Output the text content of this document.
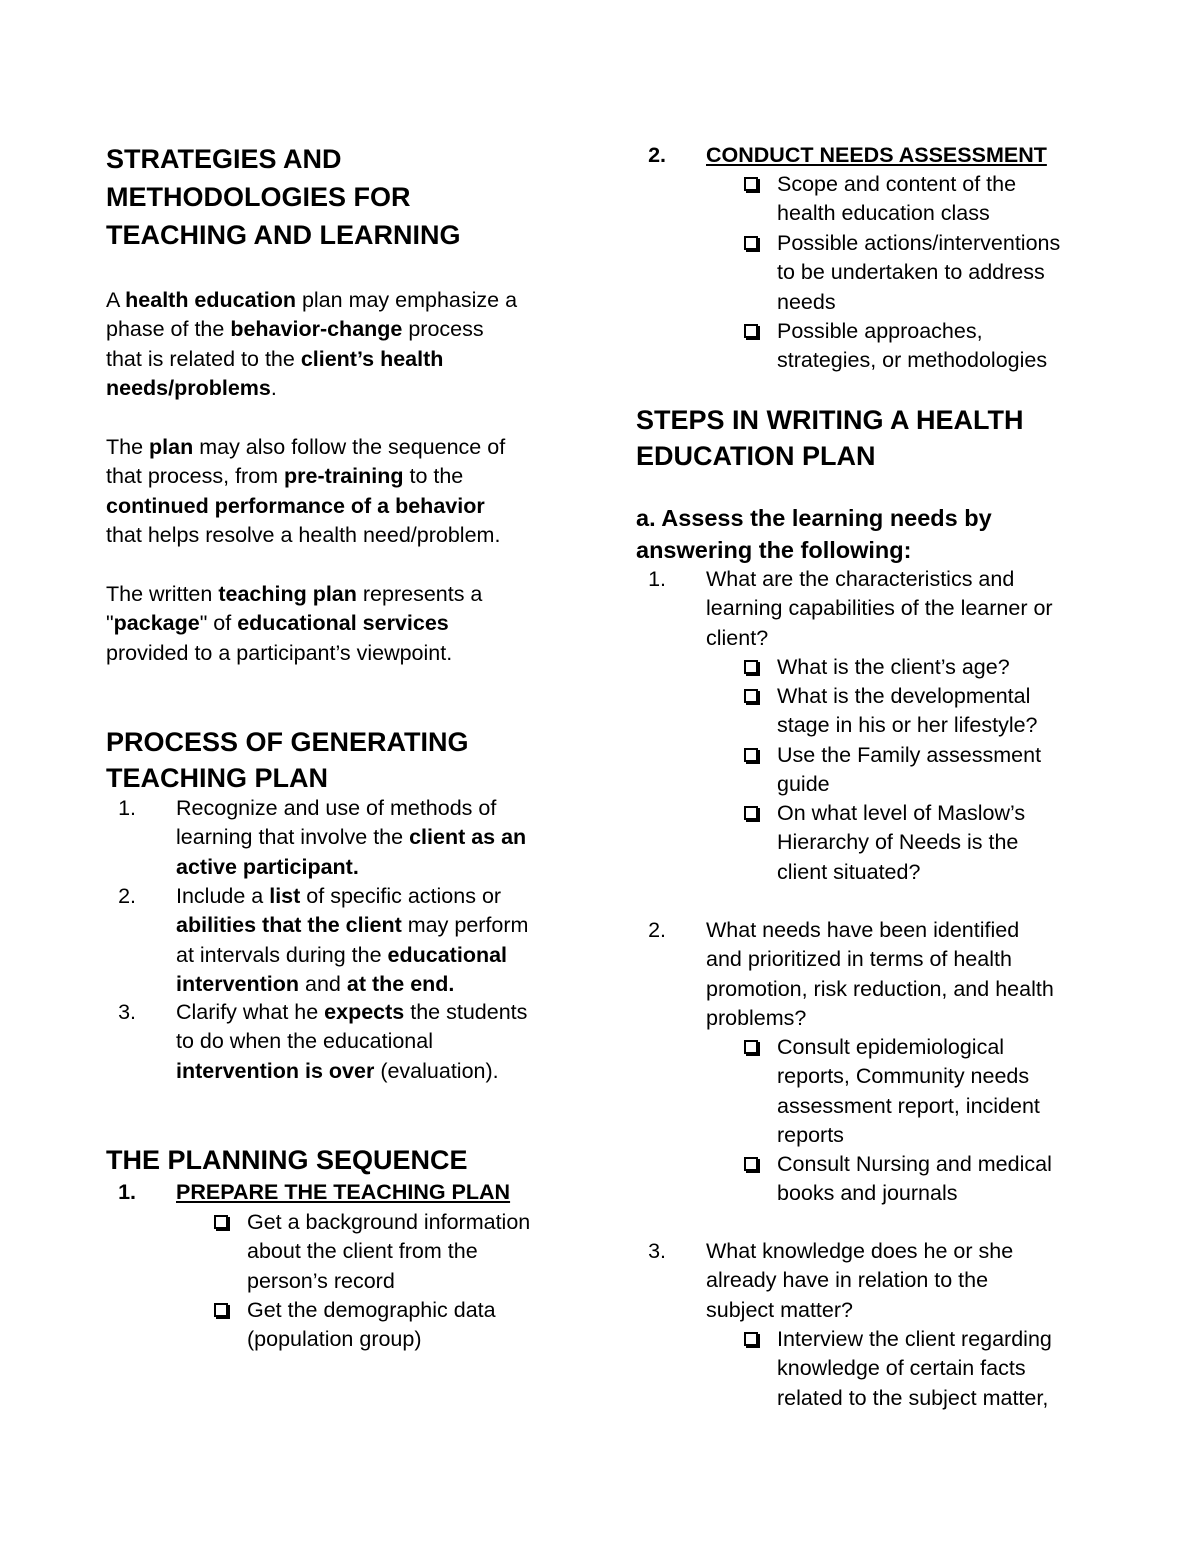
STRATEGIES AND
METHODOLOGIES FOR
TEACHING AND LEARNING
A health education plan may emphasize a
phase of the behavior-change process
that is related to the client’s health
needs/problems.
The plan may also follow the sequence of
that process, from pre-training to the
continued performance of a behavior
that helps resolve a health need/problem.
The written teaching plan represents a
"package" of educational services
provided to a participant’s viewpoint.
PROCESS OF GENERATING
TEACHING PLAN
1. Recognize and use of methods of
learning that involve the client as an
active participant.
2. Include a list of specific actions or
abilities that the client may perform
at intervals during the educational
intervention and at the end.
3. Clarify what he expects the students
to do when the educational
intervention is over (evaluation).
THE PLANNING SEQUENCE
1. PREPARE THE TEACHING PLAN
Get a background information
about the client from the
person’s record
Get the demographic data
(population group)
2. CONDUCT NEEDS ASSESSMENT
Scope and content of the
health education class
Possible actions/interventions
to be undertaken to address
needs
Possible approaches,
strategies, or methodologies
STEPS IN WRITING A HEALTH
EDUCATION PLAN
a. Assess the learning needs by
answering the following:
1. What are the characteristics and
learning capabilities of the learner or
client?
What is the client’s age?
What is the developmental
stage in his or her lifestyle?
Use the Family assessment
guide
On what level of Maslow’s
Hierarchy of Needs is the
client situated?
2. What needs have been identified
and prioritized in terms of health
promotion, risk reduction, and health
problems?
Consult epidemiological
reports, Community needs
assessment report, incident
reports
Consult Nursing and medical
books and journals
3. What knowledge does he or she
already have in relation to the
subject matter?
Interview the client regarding
knowledge of certain facts
related to the subject matter,
